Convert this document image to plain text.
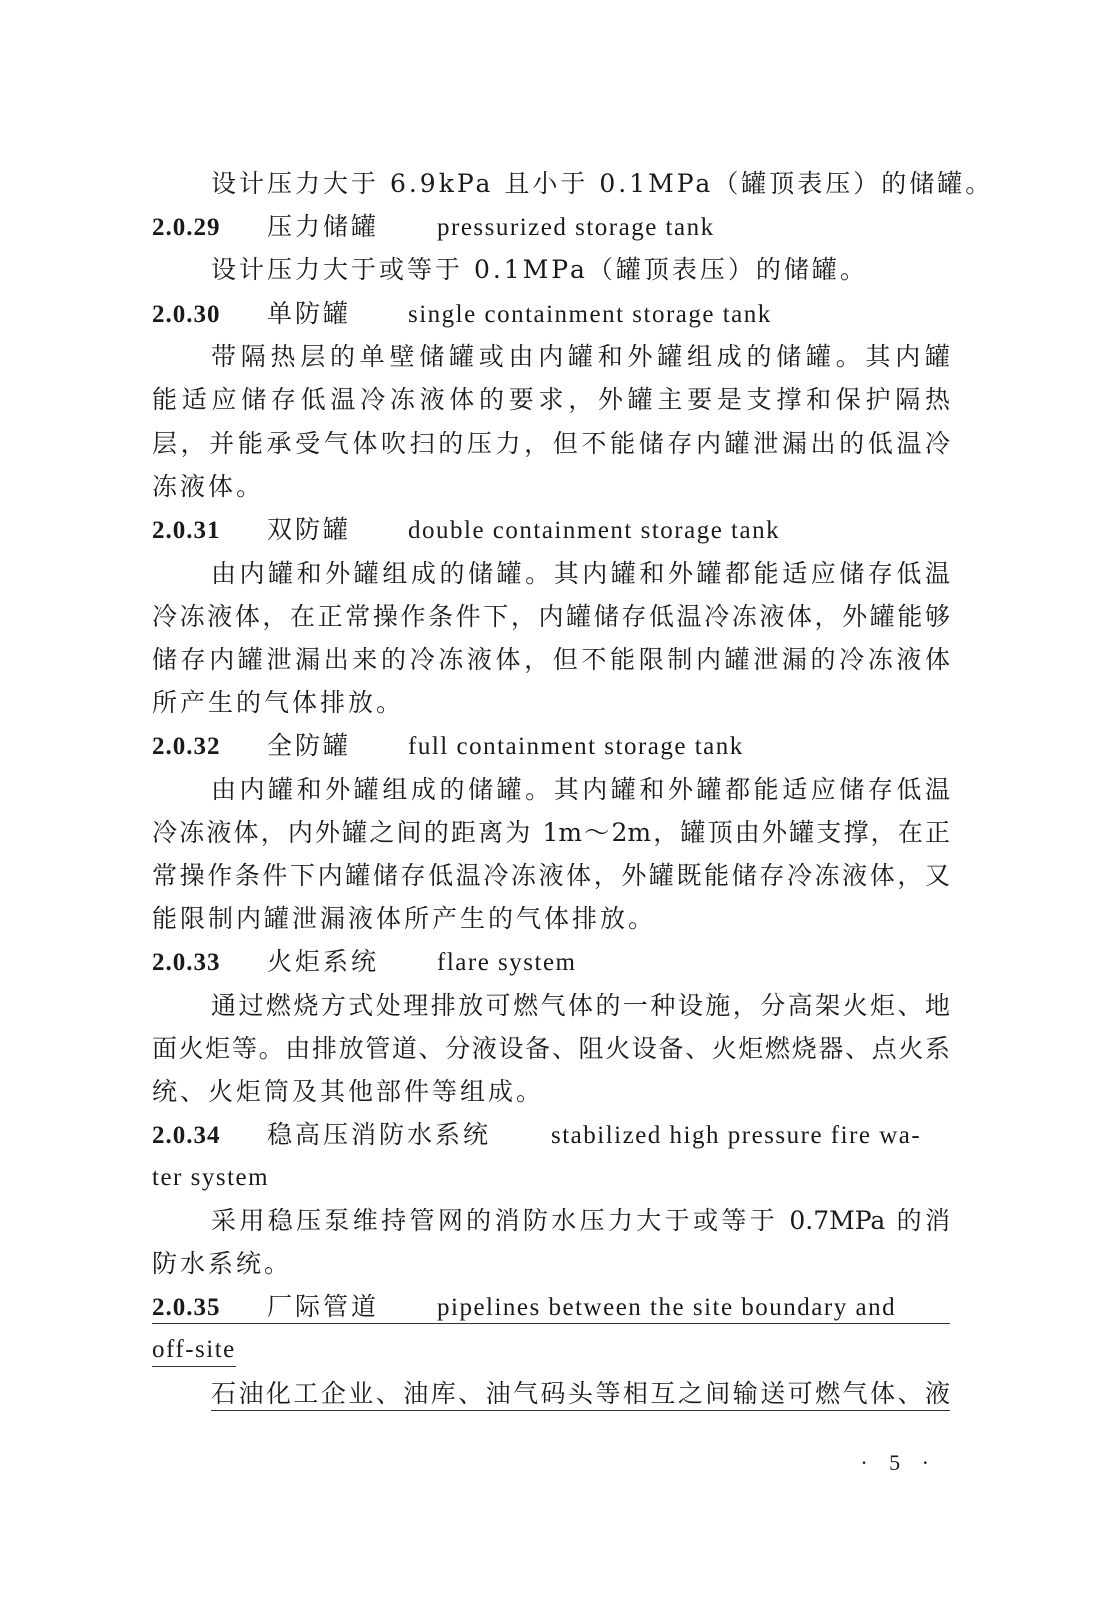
设计压力大于 6.9kPa 且小于 0.1MPa（罐顶表压）的储罐。
2.0.29 压力储罐 pressurized storage tank
设计压力大于或等于 0.1MPa（罐顶表压）的储罐。
2.0.30 单防罐 single containment storage tank
带隔热层的单壁储罐或由内罐和外罐组成的储罐。其内罐
能适应储存低温冷冻液体的要求，外罐主要是支撑和保护隔热
层，并能承受气体吹扫的压力，但不能储存内罐泄漏出的低温冷
冻液体。
2.0.31 双防罐 double containment storage tank
由内罐和外罐组成的储罐。其内罐和外罐都能适应储存低温
冷冻液体，在正常操作条件下，内罐储存低温冷冻液体，外罐能够
储存内罐泄漏出来的冷冻液体，但不能限制内罐泄漏的冷冻液体
所产生的气体排放。
2.0.32 全防罐 full containment storage tank
由内罐和外罐组成的储罐。其内罐和外罐都能适应储存低温
冷冻液体，内外罐之间的距离为 1m～2m，罐顶由外罐支撑，在正
常操作条件下内罐储存低温冷冻液体，外罐既能储存冷冻液体，又
能限制内罐泄漏液体所产生的气体排放。
2.0.33 火炬系统 flare system
通过燃烧方式处理排放可燃气体的一种设施，分高架火炬、地
面火炬等。由排放管道、分液设备、阻火设备、火炬燃烧器、点火系
统、火炬筒及其他部件等组成。
2.0.34 稳高压消防水系统 stabilized high pressure fire wa-
ter system
采用稳压泵维持管网的消防水压力大于或等于 0.7MPa 的消
防水系统。
2.0.35 厂际管道 pipelines between the site boundary and
off-site
石油化工企业、油库、油气码头等相互之间输送可燃气体、液
· 5 ·
